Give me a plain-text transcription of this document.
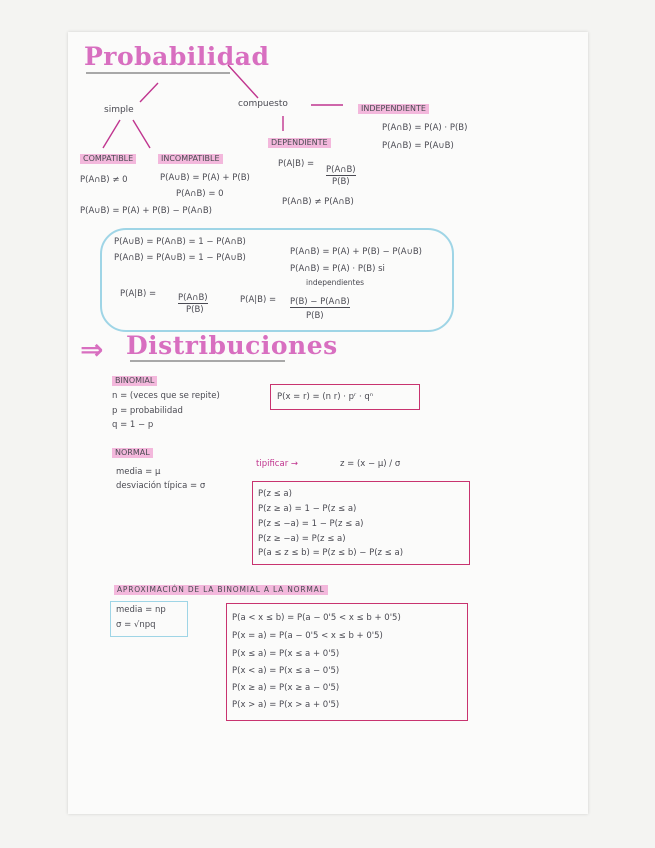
Probabilidad
simple
compuesto	INDEPENDIENTE
P(A∩B) = P(A) · P(B)
P(A∩B) = P(A∪B)
DEPENDIENTE
P(A|B) =
P(A∩B)
P(B)
P(A∩B) ≠ P(A∩B)
COMPATIBLE	INCOMPATIBLE
P(A∩B) ≠ 0	P(A∪B) = P(A) + P(B)
P(A∩B) = 0
P(A∪B) = P(A) + P(B) − P(A∩B)
P(A∪B) = P(A∩B) = 1 − P(A∩B)
P(A∩B) = P(A) + P(B) − P(A∪B)
P(A∩B) = P(A∪B) = 1 − P(A∪B)
P(A∩B) = P(A) · P(B) si
independientes
P(A|B) =	P(A∩B)
P(B)
P(A|B) = P(B) − P(A∩B)
P(B)
⇒ Distribuciones
BINOMIAL
n = (veces que se repite)
p = probabilidad
q = 1 − p
P(x = r) = (n r) · pʳ · qⁿ
NORMAL
media = μ
desviación típica = σ
tipificar →	z = (x − μ) / σ
P(z ≤ a)
P(z ≥ a) = 1 − P(z ≤ a)
P(z ≤ −a) = 1 − P(z ≤ a)
P(z ≥ −a) = P(z ≤ a)
P(a ≤ z ≤ b) = P(z ≤ b) − P(z ≤ a)
APROXIMACIÓN DE LA BINOMIAL A LA NORMAL
media = np
σ = √npq
P(a < x ≤ b) = P(a − 0'5 < x ≤ b + 0'5)
P(x = a) = P(a − 0'5 < x ≤ b + 0'5)
P(x ≤ a) = P(x ≤ a + 0'5)
P(x < a) = P(x ≤ a − 0'5)
P(x ≥ a) = P(x ≥ a − 0'5)
P(x > a) = P(x > a + 0'5)
